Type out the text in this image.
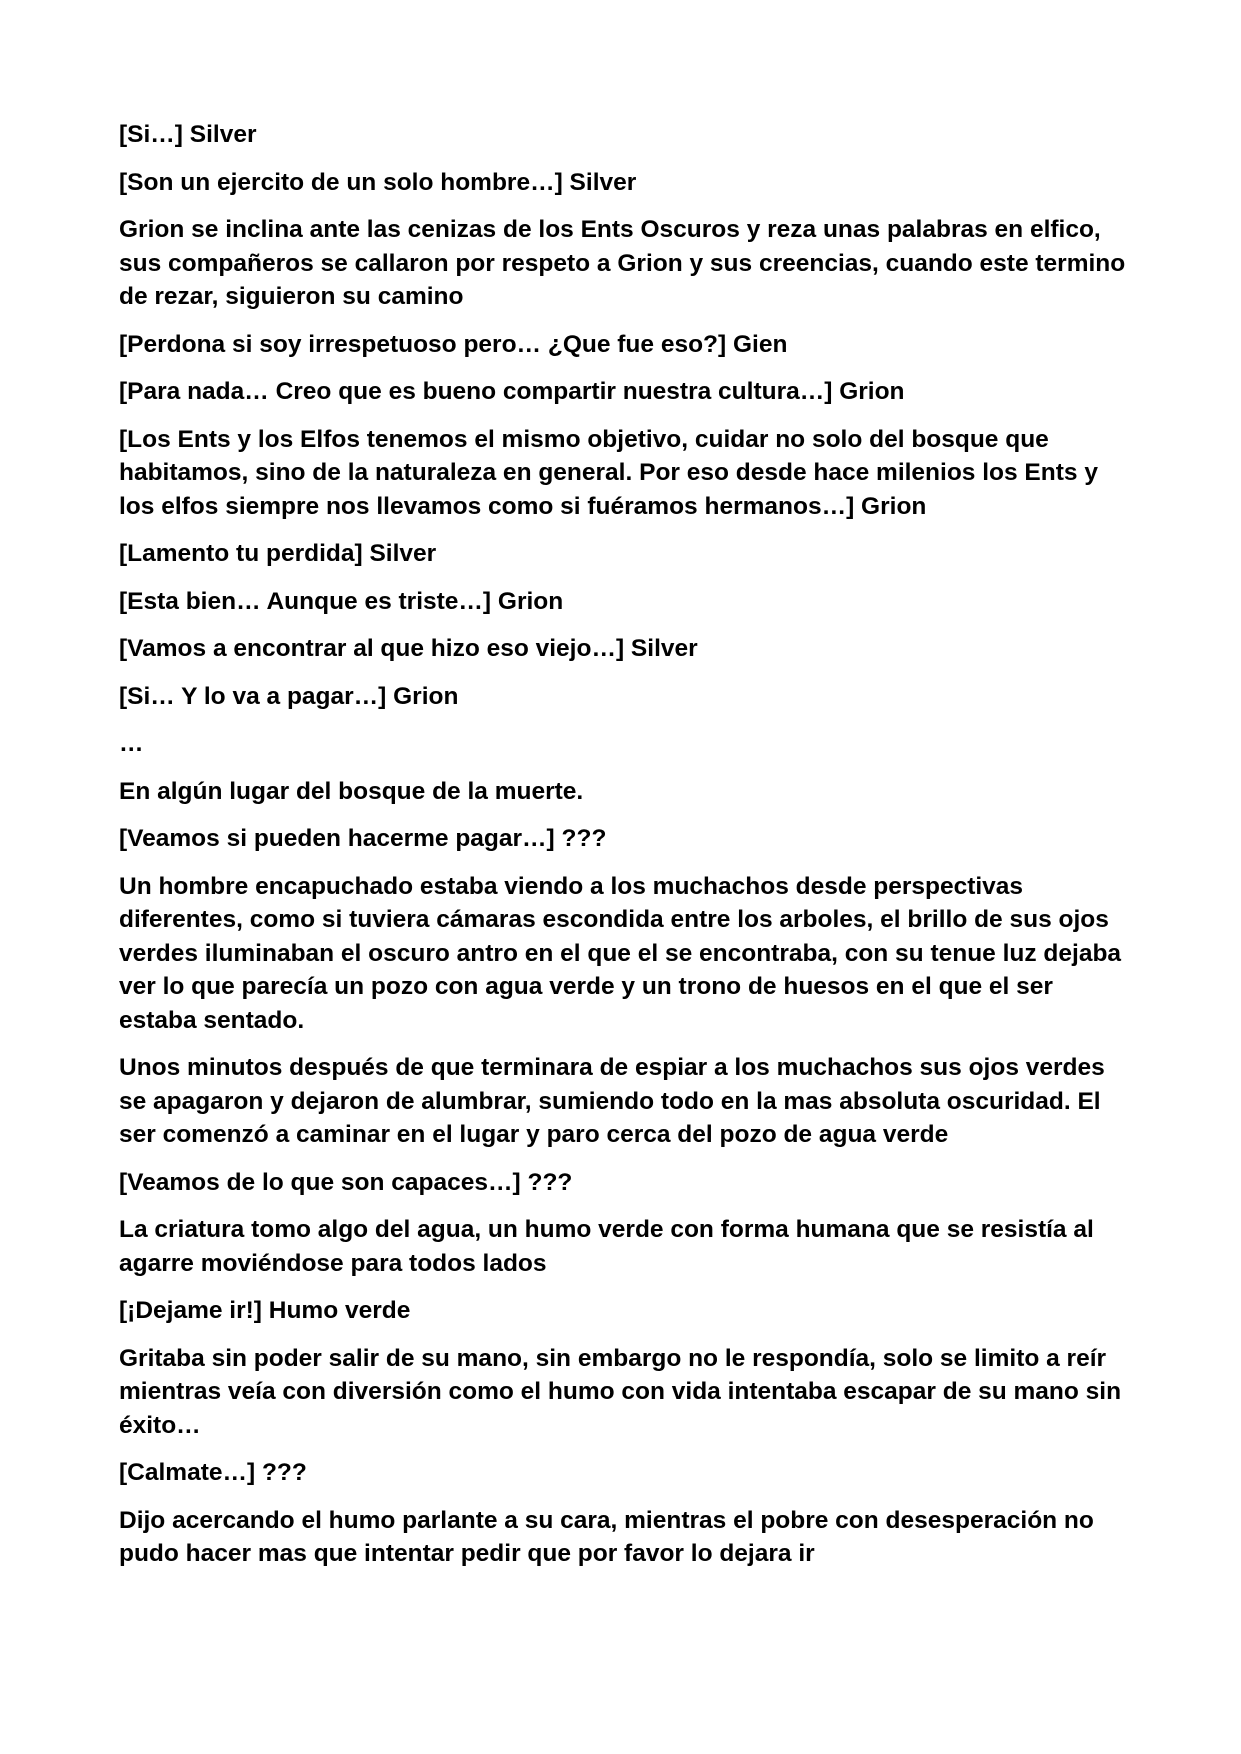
[Si…] Silver

[Son un ejercito de un solo hombre…] Silver

Grion se inclina ante las cenizas de los Ents Oscuros y reza unas palabras en elfico, sus compañeros se callaron por respeto a Grion y sus creencias, cuando este termino de rezar, siguieron su camino

[Perdona si soy irrespetuoso pero… ¿Que fue eso?] Gien

[Para nada… Creo que es bueno compartir nuestra cultura…] Grion

[Los Ents y los Elfos tenemos el mismo objetivo, cuidar no solo del bosque que habitamos, sino de la naturaleza en general. Por eso desde hace milenios los Ents y los elfos siempre nos llevamos como si fuéramos hermanos…] Grion

[Lamento tu perdida] Silver

[Esta bien… Aunque es triste…] Grion

[Vamos a encontrar al que hizo eso viejo…] Silver

[Si… Y lo va a pagar…] Grion

…

En algún lugar del bosque de la muerte.

[Veamos si pueden hacerme pagar…] ???

Un hombre encapuchado estaba viendo a los muchachos desde perspectivas diferentes, como si tuviera cámaras escondida entre los arboles, el brillo de sus ojos verdes iluminaban el oscuro antro en el que el se encontraba, con su tenue luz dejaba ver lo que parecía un pozo con agua verde y un trono de huesos en el que el ser estaba sentado.

Unos minutos después de que terminara de espiar a los muchachos sus ojos verdes se apagaron y dejaron de alumbrar, sumiendo todo en la mas absoluta oscuridad. El ser comenzó a caminar en el lugar y paro cerca del pozo de agua verde

[Veamos de lo que son capaces…] ???

La criatura tomo algo del agua, un humo verde con forma humana que se resistía al agarre moviéndose para todos lados

[¡Dejame ir!] Humo verde

Gritaba sin poder salir de su mano, sin embargo no le respondía, solo se limito a reír mientras veía con diversión como el humo con vida intentaba escapar de su mano sin éxito…

[Calmate…] ???

Dijo acercando el humo parlante a su cara, mientras el pobre con desesperación no pudo hacer mas que intentar pedir que por favor lo dejara ir
